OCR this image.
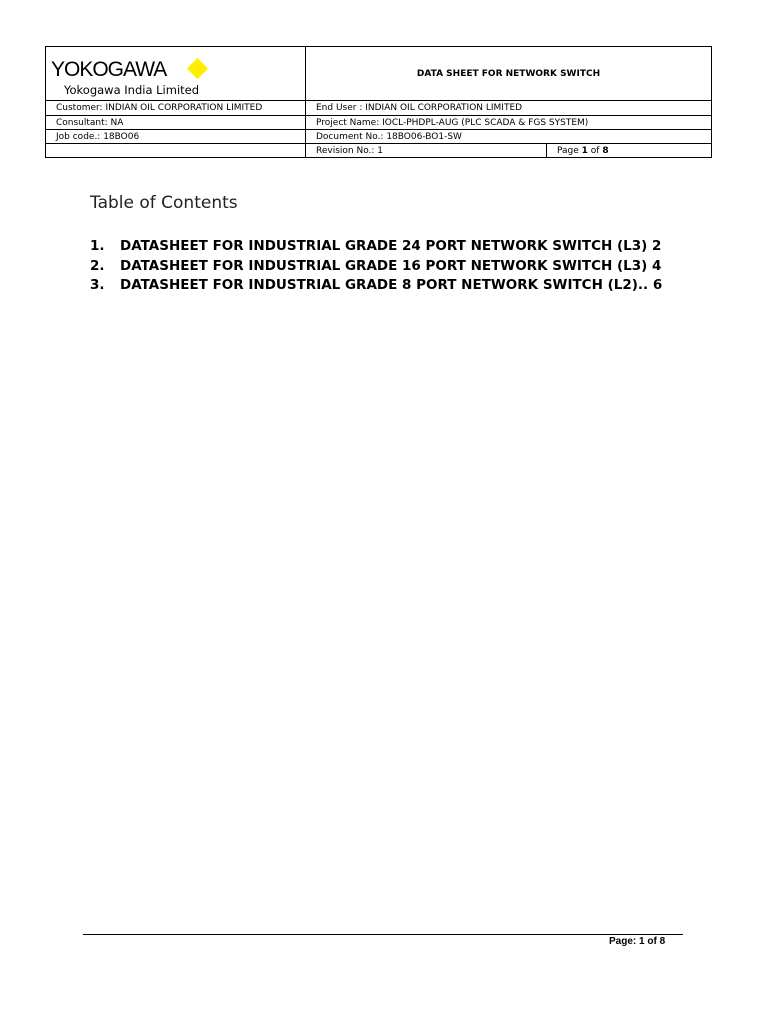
YOKOGAWA
Yokogawa India Limited	DATA SHEET FOR NETWORK SWITCH	
Customer: INDIAN OIL CORPORATION LIMITED	End User : INDIAN OIL CORPORATION LIMITED	
Consultant: NA	Project Name: IOCL-PHDPL-AUG (PLC SCADA & FGS SYSTEM)	
Job code.: 18BO06	Document No.: 18BO06-BO1-SW	
	Revision No.: 1	Page 1 of 8
Table of Contents
1. DATASHEET FOR INDUSTRIAL GRADE 24 PORT NETWORK SWITCH (L3) 2
2. DATASHEET FOR INDUSTRIAL GRADE 16 PORT NETWORK SWITCH (L3) 4
3. DATASHEET FOR INDUSTRIAL GRADE 8 PORT NETWORK SWITCH (L2).. 6
Page: 1 of 8
